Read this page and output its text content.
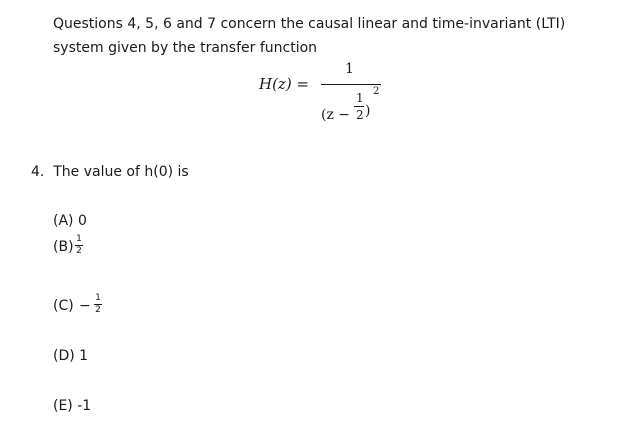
Questions 4, 5, 6 and 7 concern the causal linear and time-invariant (LTI)
system given by the transfer function
H(z) =
1
(z −
1
2 )
2
4.  The value of h(0) is
(A) 0
(B) 1
2
(C) − 1
2
(D) 1
(E) -1
